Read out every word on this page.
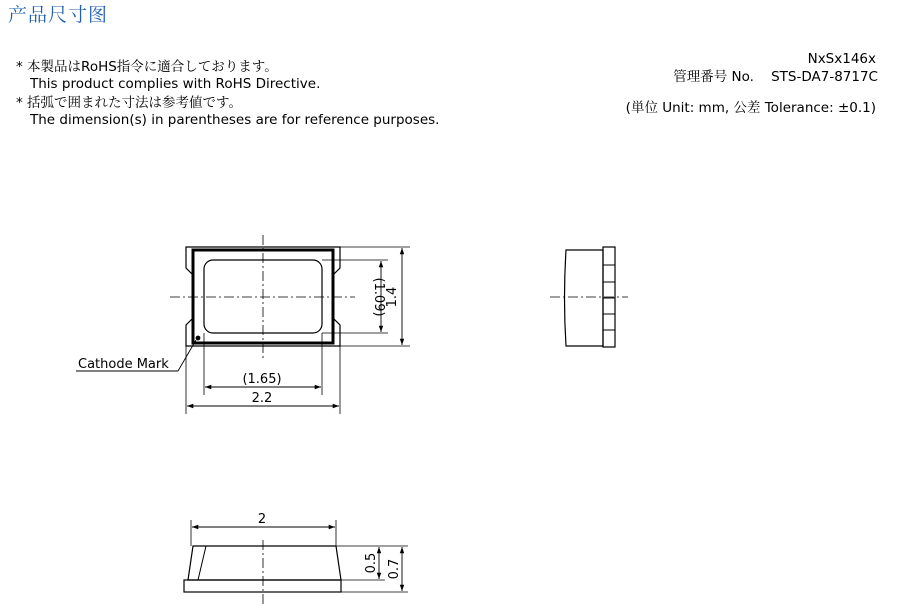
产品尺寸图
* 本製品はRoHS指令に適合しております。
This product complies with RoHS Directive.
* 括弧で囲まれた寸法は参考値です。
The dimension(s) in parentheses are for reference purposes.
NxSx146x
管理番号 No. STS-DA7-8717C
(単位 Unit: mm, 公差 Tolerance: ±0.1)
Cathode Mark
(1.65)
2.2
(1.09) 1.4
2
0.5 0.7
